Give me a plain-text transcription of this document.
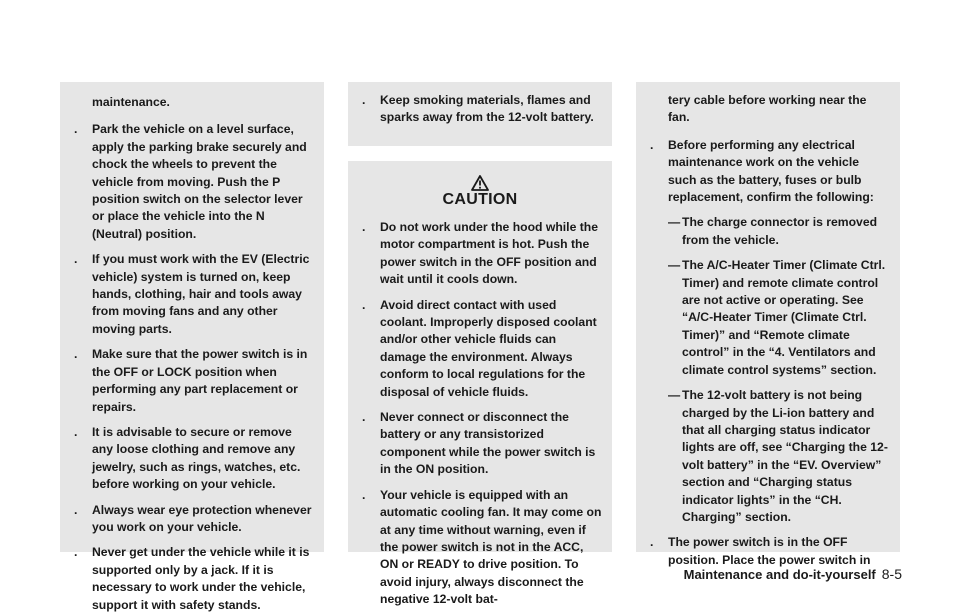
maintenance.

. Park the vehicle on a level surface, apply the parking brake securely and chock the wheels to prevent the vehicle from moving. Push the P position switch on the selector lever or place the vehicle into the N (Neutral) position.
. If you must work with the EV (Electric vehicle) system is turned on, keep hands, clothing, hair and tools away from moving fans and any other moving parts.
. Make sure that the power switch is in the OFF or LOCK position when performing any part replacement or repairs.
. It is advisable to secure or remove any loose clothing and remove any jewelry, such as rings, watches, etc. before working on your vehicle.
. Always wear eye protection whenever you work on your vehicle.
. Never get under the vehicle while it is supported only by a jack. If it is necessary to work under the vehicle, support it with safety stands.
. Keep smoking materials, flames and sparks away from the 12-volt battery.
CAUTION
. Do not work under the hood while the motor compartment is hot. Push the power switch in the OFF position and wait until it cools down.
. Avoid direct contact with used coolant. Improperly disposed coolant and/or other vehicle fluids can damage the environment. Always conform to local regulations for the disposal of vehicle fluids.
. Never connect or disconnect the battery or any transistorized component while the power switch is in the ON position.
. Your vehicle is equipped with an automatic cooling fan. It may come on at any time without warning, even if the power switch is not in the ACC, ON or READY to drive position. To avoid injury, always disconnect the negative 12-volt bat-

tery cable before working near the fan.

. Before performing any electrical maintenance work on the vehicle such as the battery, fuses or bulb replacement, confirm the following:
— The charge connector is removed from the vehicle.
— The A/C-Heater Timer (Climate Ctrl. Timer) and remote climate control are not active or operating. See “A/C-Heater Timer (Climate Ctrl. Timer)” and “Remote climate control” in the “4. Ventilators and climate control systems” section.
— The 12-volt battery is not being charged by the Li-ion battery and that all charging status indicator lights are off, see “Charging the 12-volt battery” in the “EV. Overview” section and “Charging status indicator lights” in the “CH. Charging” section.
. The power switch is in the OFF position. Place the power switch in
Maintenance and do-it-yourself 8-5
